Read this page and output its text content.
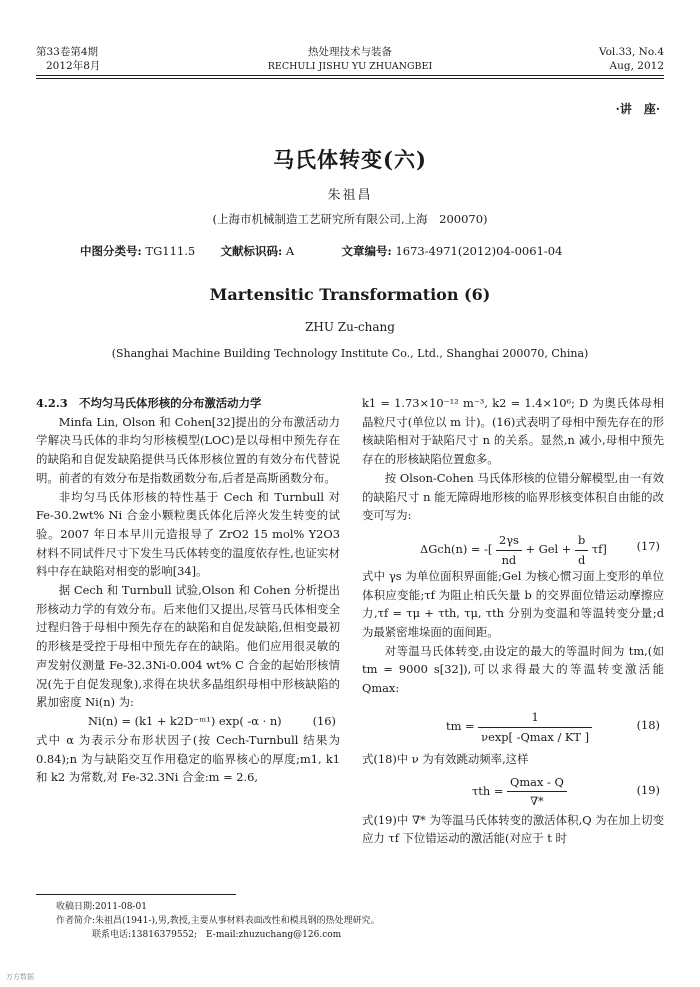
第33卷第4期
2012年8月
热处理技术与装备
RECHULI JISHU YU ZHUANGBEI
Vol.33, No.4
Aug, 2012
·讲　座·
马氏体转变(六)
朱祖昌
(上海市机械制造工艺研究所有限公司,上海　200070)
中图分类号: TG111.5 文献标识码: A	文章编号: 1673-4971(2012)04-0061-04
Martensitic Transformation (6)
ZHU Zu-chang
(Shanghai Machine Building Technology Institute Co., Ltd., Shanghai 200070, China)

4.2.3　不均匀马氏体形核的分布激活动力学

Minfa Lin, Olson 和 Cohen[32]提出的分布激活动力学解决马氏体的非均匀形核模型(LOC)是以母相中预先存在的缺陷和自促发缺陷提供马氏体形核位置的有效分布代替说明。前者的有效分布是指数函数分布,后者是高斯函数分布。

非均匀马氏体形核的特性基于 Cech 和 Turnbull 对 Fe-30.2wt% Ni 合金小颗粒奥氏体化后淬火发生转变的试验。2007 年日本早川元造报导了 ZrO2 15 mol% Y2O3 材料不同试件尺寸下发生马氏体转变的温度依存性,也证实材料中存在缺陷对相变的影响[34]。

据 Cech 和 Turnbull 试验,Olson 和 Cohen 分析提出形核动力学的有效分布。后来他们又提出,尽管马氏体相变全过程归咎于母相中预先存在的缺陷和自促发缺陷,但相变最初的形核是受控于母相中预先存在的缺陷。他们应用很灵敏的声发射仪测量 Fe-32.3Ni-0.004 wt% C 合金的起始形核情况(先于自促发现象),求得在块状多晶组织母相中形核缺陷的累加密度 Ni(n) 为:

Ni(n) = (k1 + k2D⁻ᵐ¹) exp( -α · n)	(16)

式中 α 为表示分布形状因子(按 Cech-Turnbull 结果为 0.84);n 为与缺陷交互作用稳定的临界核心的厚度;m1, k1 和 k2 为常数,对 Fe-32.3Ni 合金:m = 2.6,

k1 = 1.73×10⁻¹² m⁻³, k2 = 1.4×10⁶; D 为奥氏体母相晶粒尺寸(单位以 m 计)。(16)式表明了母相中预先存在的形核缺陷相对于缺陷尺寸 n 的关系。显然,n 减小,母相中预先存在的形核缺陷位置愈多。

按 Olson-Cohen 马氏体形核的位错分解模型,由一有效的缺陷尺寸 n 能无障碍地形核的临界形核变体积自由能的改变可写为:

ΔGch(n) = -[ $\frac{2\gamma s}{nd}$ + Gel + $\frac{b}{d} \tau f$]	(17)

式中 γs 为单位面积界面能;Gel 为核心惯习面上变形的单位体积应变能;τf 为阻止柏氏矢量 b 的交界面位错运动摩擦应力,τf = τμ + τth, τμ, τth 分别为变温和等温转变分量;d 为最紧密堆垛面的面间距。

对等温马氏体转变,由设定的最大的等温时间为 tm,(如 tm = 9000 s[32]),可以求得最大的等温转变激活能 Qmax:

tm = $\frac{1}{\nu\exp[ -Qmax / KT ]}$	(18)

式(18)中 ν 为有效跳动频率,这样

$\tau th = \frac{Qmax - Q}{\nabla*}$	(19)

式(19)中 ∇* 为等温马氏体转变的激活体积,Q 为在加上切变应力 τf 下位错运动的激活能(对应于 t 时

收稿日期:2011-08-01
作者简介:朱祖昌(1941-),男,教授,主要从事材料表面改性和模具钢的热处理研究。
联系电话:13816379552;　E-mail:zhuzuchang@126.com
万方数据
